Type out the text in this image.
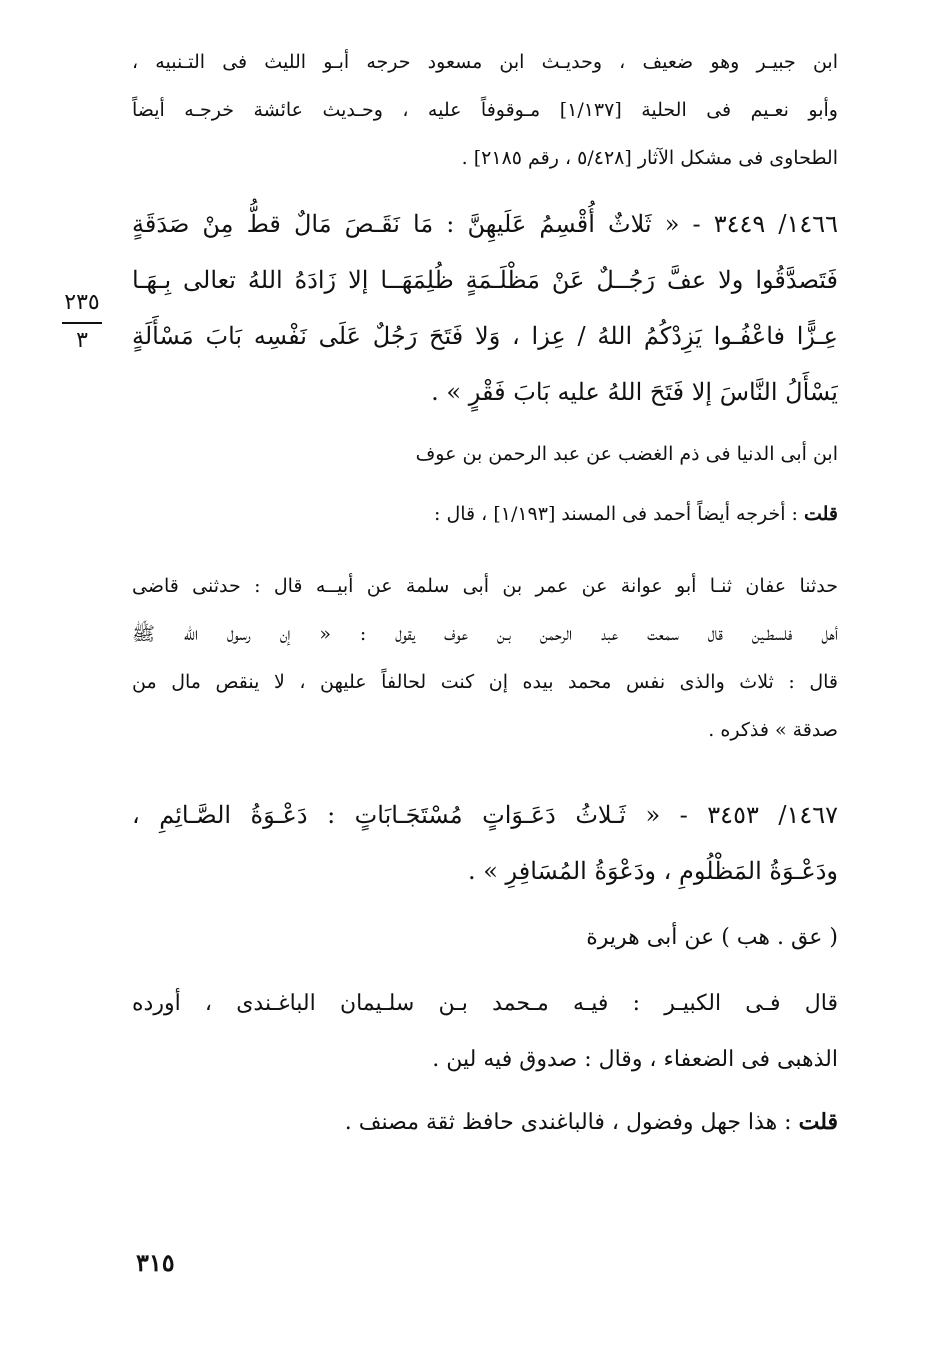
ابن جبيـر وهو ضعيف ، وحديـث ابن مسعود حرجه أبـو الليث فى التـنبيه ،
وأبو نعـيم فى الحلية [١/١٣٧] مـوقوفاً عليه ، وحـديث عائشة خرجـه أيضاً
الطحاوى فى مشكل الآثار [٥/٤٢٨ ، رقم ٢١٨٥] .
١٤٦٦/ ٣٤٤٩ - « ثَلاثٌ أُقْسِمُ عَلَيهِنَّ : مَا نَقَـصَ مَالٌ قطُّ مِنْ صَدَقَةٍ
فَتَصدَّقُوا ولا عفَّ رَجُــلٌ عَنْ مَظْلَـمَةٍ ظُلِمَهَــا إلا زَادَهُ اللهُ تعالى بِـهَـا
عِـزًّا فاعْفُـوا يَزِدْكُمُ اللهُ / عِزا ، وَلا فَتَحَ رَجُلٌ عَلَى نَفْسِه بَابَ مَسْأَلَةٍ
يَسْأَلُ النَّاسَ إلا فَتَحَ اللهُ عليه بَابَ فَقْرٍ » .
٢٣٥
٣
ابن أبى الدنيا فى ذم الغضب عن عبد الرحمن بن عوف
قلت : أخرجه أيضاً أحمد فى المسند [١/١٩٣] ، قال :
حدثنا عفان ثنـا أبو عوانة عن عمر بن أبى سلمة عن أبيــه قال : حدثنى قاضى
أهل فلسطـين قال سمعت عبد الرحمن بـن عوف يقول : « إن رسول الله ﷺ
قال : ثلاث والذى نفس محمد بيده إن كنت لحالفاً عليهن ، لا ينقص مال من
صدقة » فذكره .
١٤٦٧/ ٣٤٥٣ - « ثَـلاثُ دَعَـوَاتٍ مُسْتَجَـابَاتٍ : دَعْـوَةُ الصَّـائِمِ ،
ودَعْـوَةُ المَظْلُومِ ، ودَعْوَةُ المُسَافِرِ » .
( عق . هب ) عن أبى هريرة
قال فـى الكبيـر : فيـه مـحمد بـن سلـيمان الباغـندى ، أورده
الذهبى فى الضعفاء ، وقال : صدوق فيه لين .
قلت : هذا جهل وفضول ، فالباغندى حافظ ثقة مصنف .
٣١٥
